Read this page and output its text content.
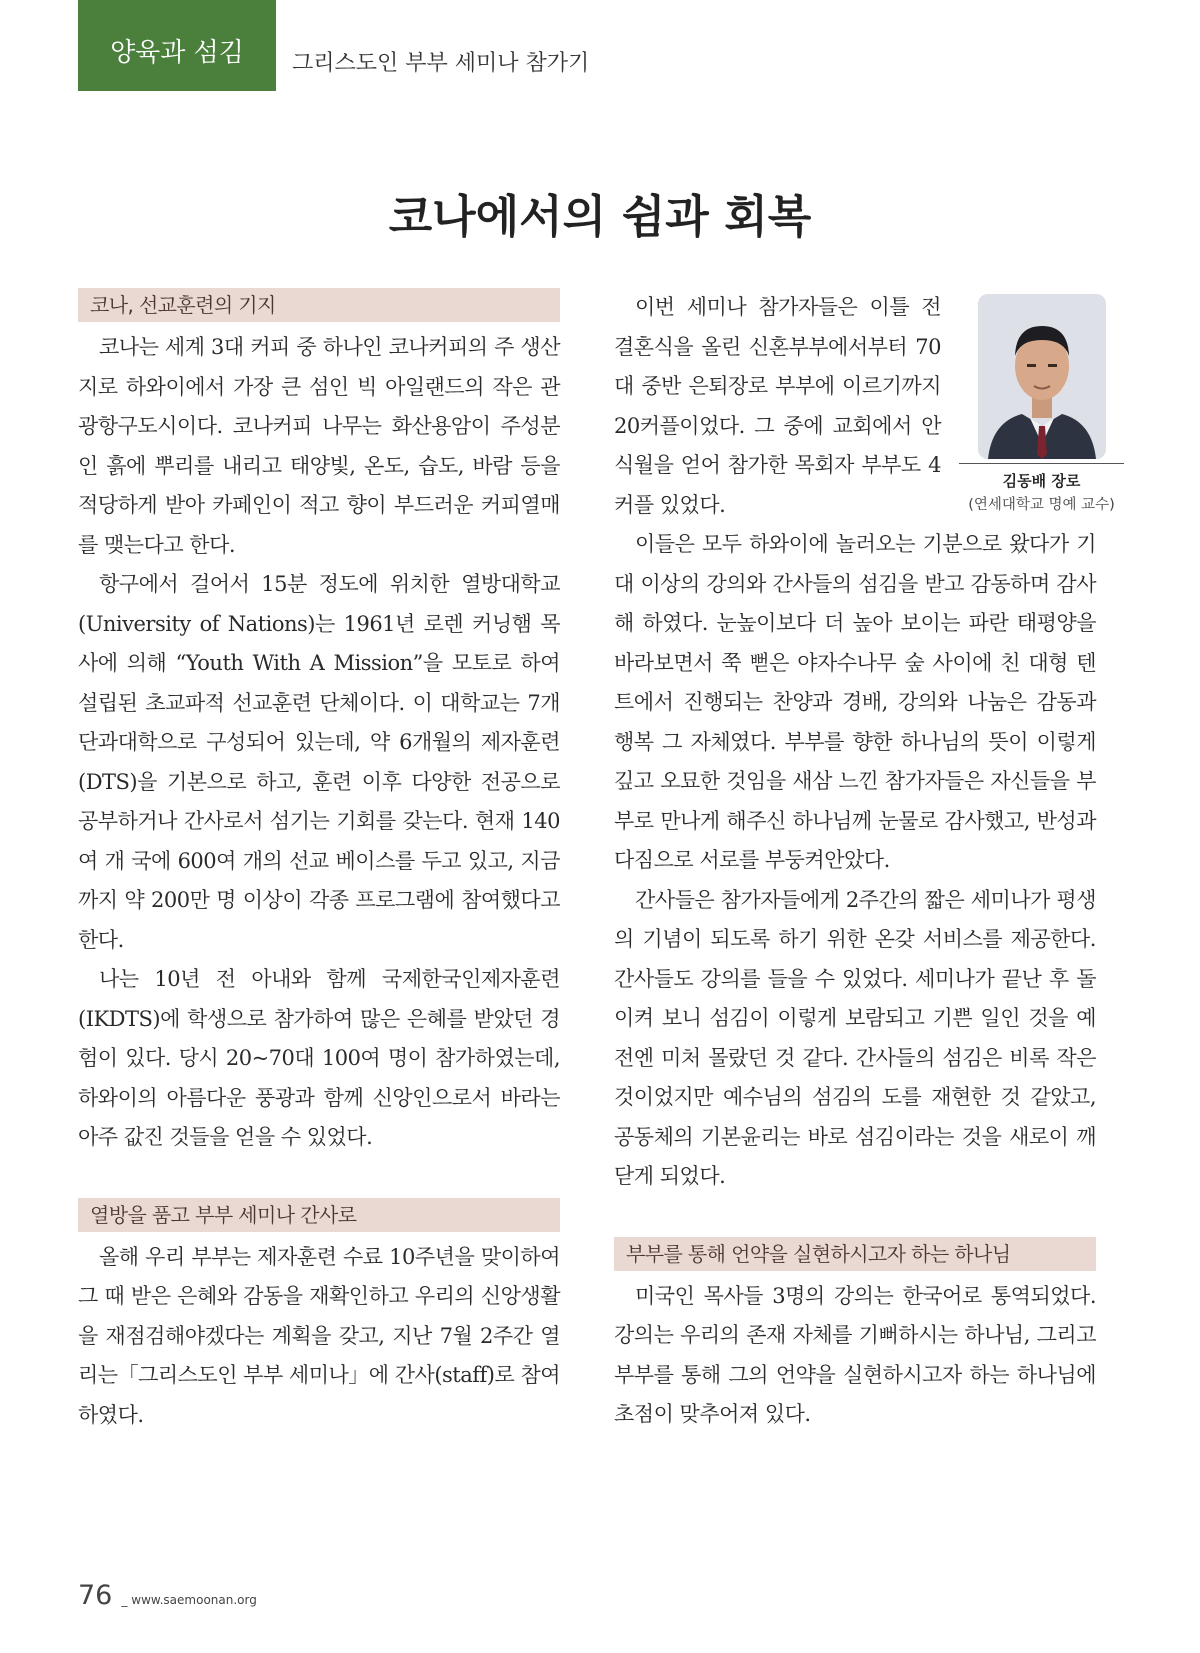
양육과 섬김	그리스도인 부부 세미나 참가기
코나에서의 쉼과 회복
코나, 선교훈련의 기지

코나는 세계 3대 커피 중 하나인 코나커피의 주 생산지로 하와이에서 가장 큰 섬인 빅 아일랜드의 작은 관광항구도시이다. 코나커피 나무는 화산용암이 주성분인 흙에 뿌리를 내리고 태양빛, 온도, 습도, 바람 등을 적당하게 받아 카페인이 적고 향이 부드러운 커피열매를 맺는다고 한다.

항구에서 걸어서 15분 정도에 위치한 열방대학교(University of Nations)는 1961년 로렌 커닝햄 목사에 의해 “Youth With A Mission”을 모토로 하여 설립된 초교파적 선교훈련 단체이다. 이 대학교는 7개 단과대학으로 구성되어 있는데, 약 6개월의 제자훈련(DTS)을 기본으로 하고, 훈련 이후 다양한 전공으로 공부하거나 간사로서 섬기는 기회를 갖는다. 현재 140여 개 국에 600여 개의 선교 베이스를 두고 있고, 지금까지 약 200만 명 이상이 각종 프로그램에 참여했다고 한다.

나는 10년 전 아내와 함께 국제한국인제자훈련(IKDTS)에 학생으로 참가하여 많은 은혜를 받았던 경험이 있다. 당시 20~70대 100여 명이 참가하였는데, 하와이의 아름다운 풍광과 함께 신앙인으로서 바라는 아주 값진 것들을 얻을 수 있었다.

열방을 품고 부부 세미나 간사로

올해 우리 부부는 제자훈련 수료 10주년을 맞이하여 그 때 받은 은혜와 감동을 재확인하고 우리의 신앙생활을 재점검해야겠다는 계획을 갖고, 지난 7월 2주간 열리는「그리스도인 부부 세미나」에 간사(staff)로 참여하였다.

김동배 장로
(연세대학교 명예 교수)

이번 세미나 참가자들은 이틀 전 결혼식을 올린 신혼부부에서부터 70대 중반 은퇴장로 부부에 이르기까지 20커플이었다. 그 중에 교회에서 안식월을 얻어 참가한 목회자 부부도 4커플 있었다.

이들은 모두 하와이에 놀러오는 기분으로 왔다가 기대 이상의 강의와 간사들의 섬김을 받고 감동하며 감사해 하였다. 눈높이보다 더 높아 보이는 파란 태평양을 바라보면서 쭉 뻗은 야자수나무 숲 사이에 친 대형 텐트에서 진행되는 찬양과 경배, 강의와 나눔은 감동과 행복 그 자체였다. 부부를 향한 하나님의 뜻이 이렇게 깊고 오묘한 것임을 새삼 느낀 참가자들은 자신들을 부부로 만나게 해주신 하나님께 눈물로 감사했고, 반성과 다짐으로 서로를 부둥켜안았다.

간사들은 참가자들에게 2주간의 짧은 세미나가 평생의 기념이 되도록 하기 위한 온갖 서비스를 제공한다. 간사들도 강의를 들을 수 있었다. 세미나가 끝난 후 돌이켜 보니 섬김이 이렇게 보람되고 기쁜 일인 것을 예전엔 미처 몰랐던 것 같다. 간사들의 섬김은 비록 작은 것이었지만 예수님의 섬김의 도를 재현한 것 같았고, 공동체의 기본윤리는 바로 섬김이라는 것을 새로이 깨닫게 되었다.

부부를 통해 언약을 실현하시고자 하는 하나님

미국인 목사들 3명의 강의는 한국어로 통역되었다. 강의는 우리의 존재 자체를 기뻐하시는 하나님, 그리고 부부를 통해 그의 언약을 실현하시고자 하는 하나님에 초점이 맞추어져 있다.

76 _ www.saemoonan.org
